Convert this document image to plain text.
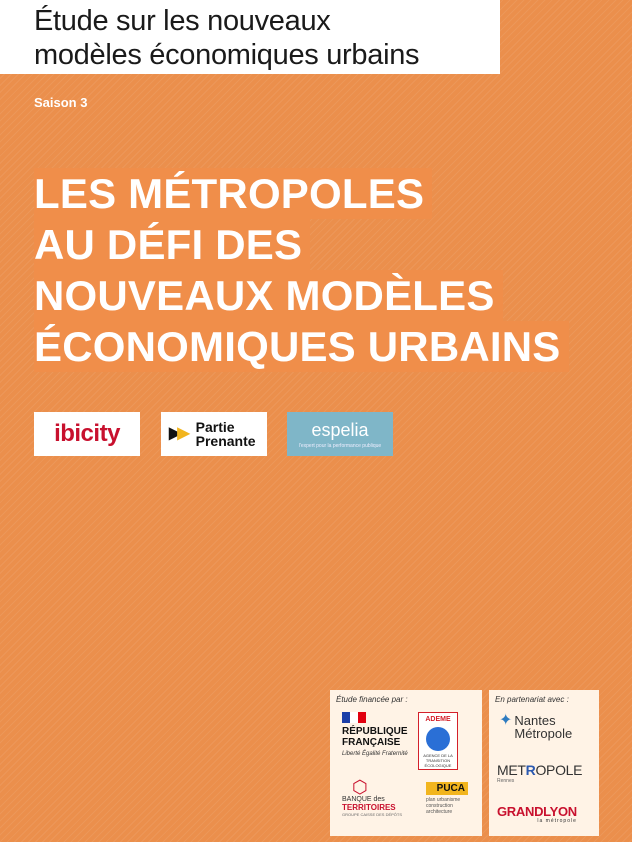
Étude sur les nouveaux
modèles économiques urbains
Saison 3
LES MÉTROPOLES
AU DÉFI DES
NOUVEAUX MODÈLES
ÉCONOMIQUES URBAINS
ibicity	▶▶ Partie
Prenante
espelia
l'expert pour la performance publique
Étude financée par :
RÉPUBLIQUE
FRANÇAISE
Liberté Égalité Fraternité
ADEME
AGENCE DE LA TRANSITION ÉCOLOGIQUE
⬡
BANQUE des
TERRITOIRES
GROUPE CAISSE DES DÉPÔTS
PUCA
plan urbanisme construction architecture
En partenariat avec :
✦ Nantes
Métropole
METROPOLE
Rennes
GRANDLYON
la métropole
